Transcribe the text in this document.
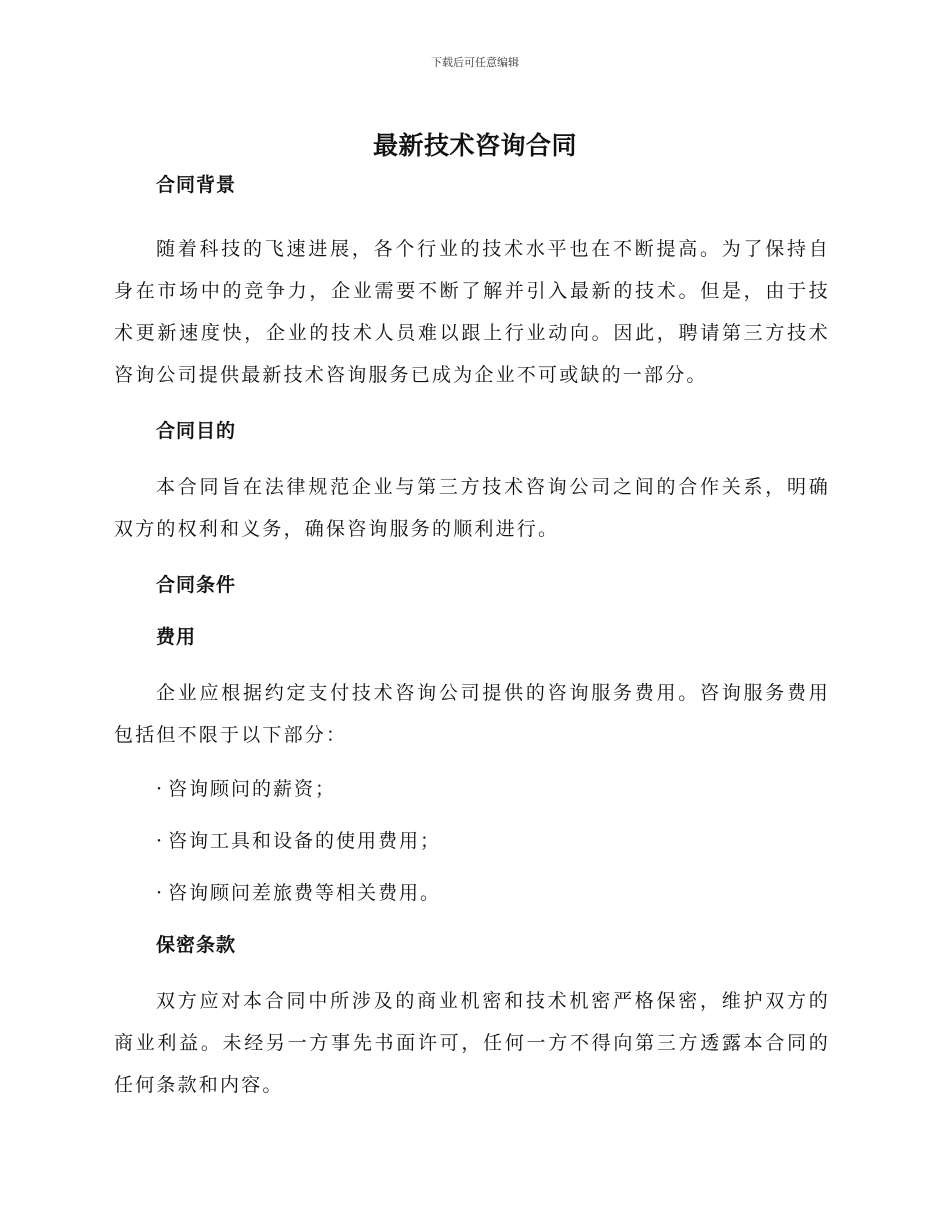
下载后可任意编辑
最新技术咨询合同

合同背景

随着科技的飞速进展，各个行业的技术水平也在不断提高。为了保持自身在市场中的竞争力，企业需要不断了解并引入最新的技术。但是，由于技术更新速度快，企业的技术人员难以跟上行业动向。因此，聘请第三方技术咨询公司提供最新技术咨询服务已成为企业不可或缺的一部分。

合同目的

本合同旨在法律规范企业与第三方技术咨询公司之间的合作关系，明确双方的权利和义务，确保咨询服务的顺利进行。

合同条件

费用

企业应根据约定支付技术咨询公司提供的咨询服务费用。咨询服务费用包括但不限于以下部分：

· 咨询顾问的薪资；

· 咨询工具和设备的使用费用；

· 咨询顾问差旅费等相关费用。

保密条款

双方应对本合同中所涉及的商业机密和技术机密严格保密，维护双方的商业利益。未经另一方事先书面许可，任何一方不得向第三方透露本合同的任何条款和内容。
